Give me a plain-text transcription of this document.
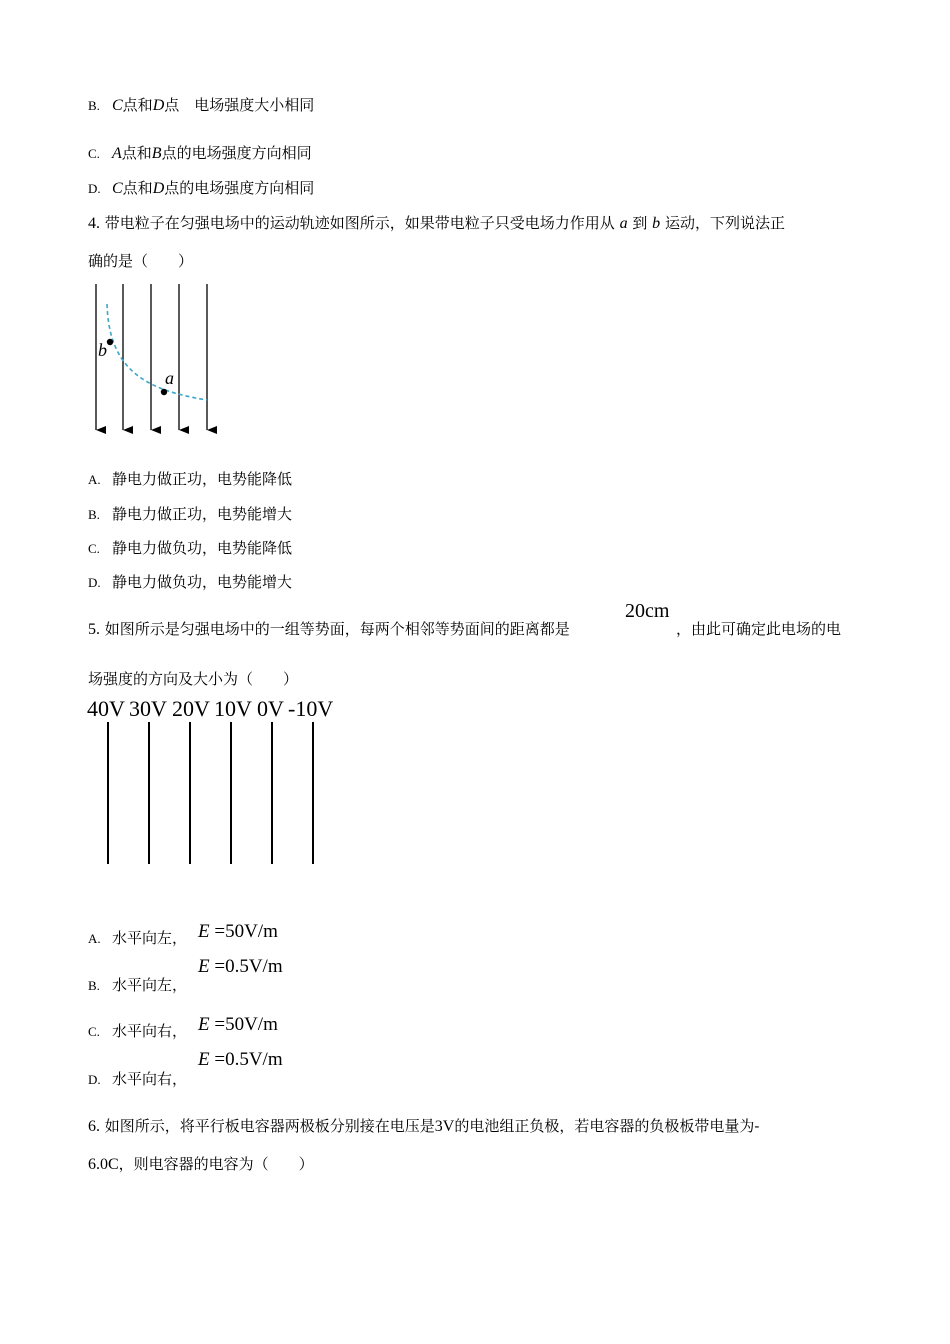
B. C点和D点　电场强度大小相同
C. A点和B点的电场强度方向相同
D. C点和D点的电场强度方向相同
4. 带电粒子在匀强电场中的运动轨迹如图所示，如果带电粒子只受电场力作用从 a 到 b 运动，下列说法正
确的是（　　）
b
a
A. 静电力做正功，电势能降低
B. 静电力做正功，电势能增大
C. 静电力做负功，电势能降低
D. 静电力做负功，电势能增大
5. 如图所示是匀强电场中的一组等势面，每两个相邻等势面间的距离都是
20cm
，由此可确定此电场的电
场强度的方向及大小为（　　）
40V 30V 20V 10V 0V -10V
A. 水平向左， E =50V/m
B. 水平向左，
E =0.5V/m
C. 水平向右， E =50V/m
D. 水平向右，
E =0.5V/m
6. 如图所示，将平行板电容器两极板分别接在电压是3V的电池组正负极，若电容器的负极板带电量为-
6.0C，则电容器的电容为（　　）
